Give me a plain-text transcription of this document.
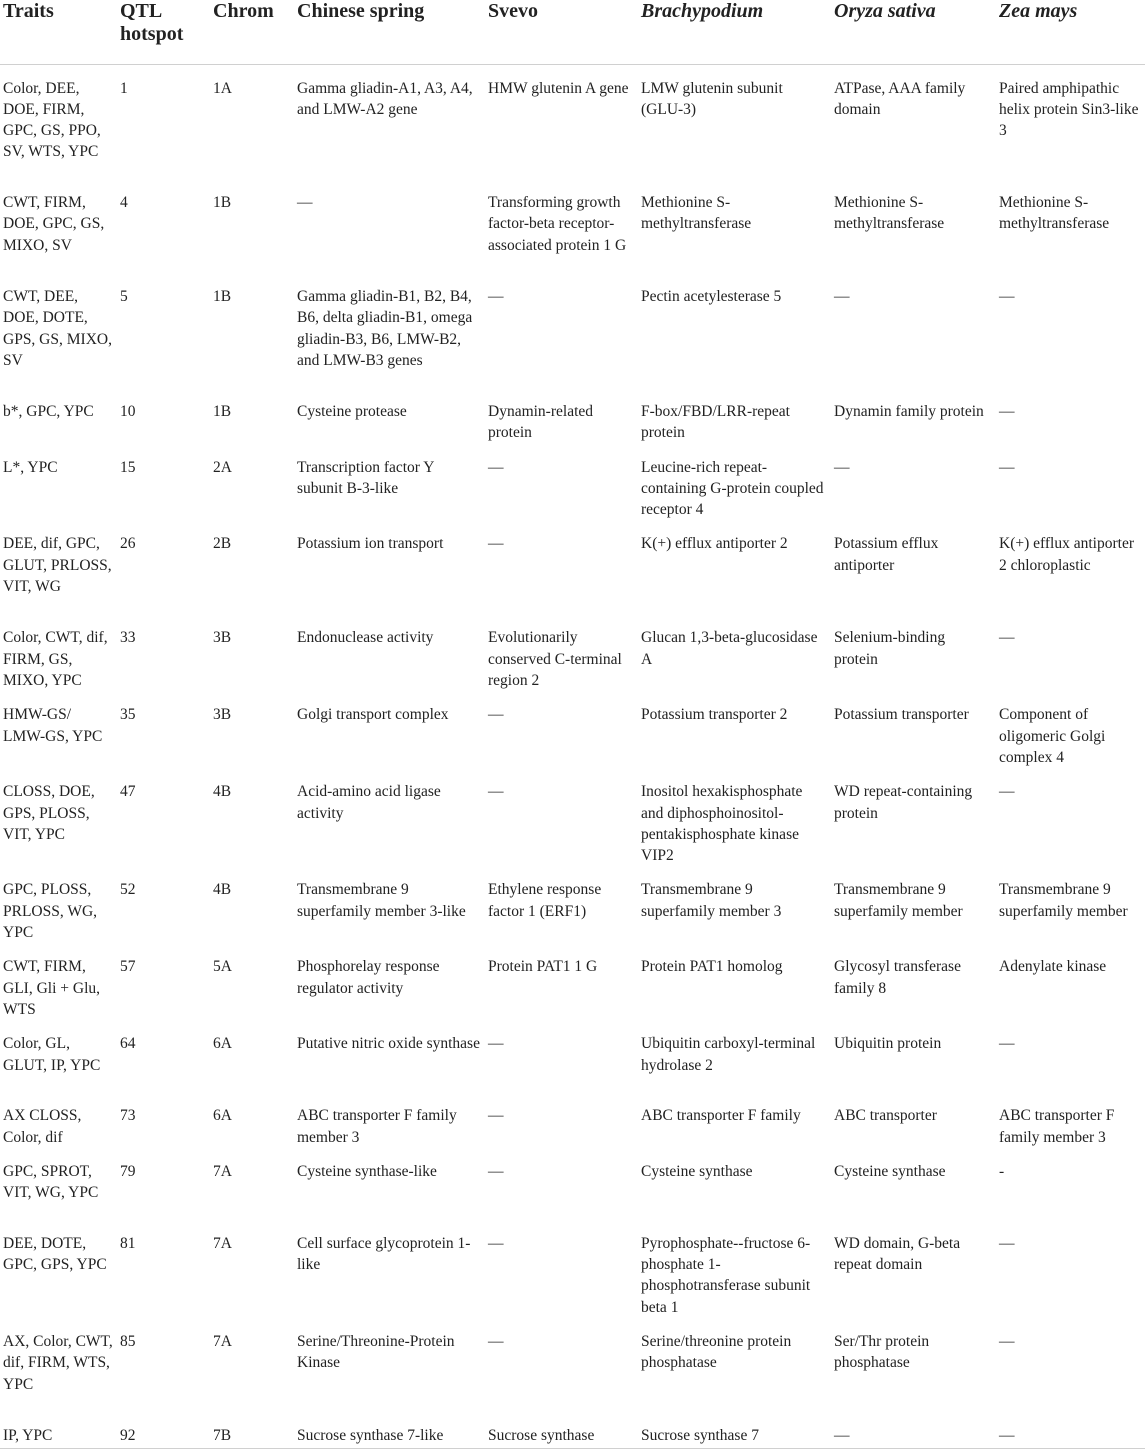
Traits	QTL hotspot	Chrom	Chinese spring	Svevo	Brachypodium	Oryza sativa	Zea mays
Color, DEE, DOE, FIRM, GPC, GS, PPO, SV, WTS, YPC	1	1A	Gamma gliadin-A1, A3, A4, and LMW-A2 gene	HMW glutenin A gene	LMW glutenin subunit (GLU-3)	ATPase, AAA family domain	Paired amphipathic helix protein Sin3-like 3
CWT, FIRM, DOE, GPC, GS, MIXO, SV	4	1B	—	Transforming growth factor-beta receptor-associated protein 1 G	Methionine S-methyltransferase	Methionine S-methyltransferase	Methionine S-methyltransferase
CWT, DEE, DOE, DOTE, GPS, GS, MIXO, SV	5	1B	Gamma gliadin-B1, B2, B4, B6, delta gliadin-B1, omega gliadin-B3, B6, LMW-B2, and LMW-B3 genes	—	Pectin acetylesterase 5	—	—
b*, GPC, YPC	10	1B	Cysteine protease	Dynamin-related protein	F-box/FBD/LRR-repeat protein	Dynamin family protein	—
L*, YPC	15	2A	Transcription factor Y subunit B-3-like	—	Leucine-rich repeat-containing G-protein coupled receptor 4	—	—
DEE, dif, GPC, GLUT, PRLOSS, VIT, WG	26	2B	Potassium ion transport	—	K(+) efflux antiporter 2	Potassium efflux antiporter	K(+) efflux antiporter 2 chloroplastic
Color, CWT, dif, FIRM, GS, MIXO, YPC	33	3B	Endonuclease activity	Evolutionarily conserved C-terminal region 2	Glucan 1,3-beta-glucosidase A	Selenium-binding protein	—
HMW-GS/ LMW-GS, YPC	35	3B	Golgi transport complex	—	Potassium transporter 2	Potassium transporter	Component of oligomeric Golgi complex 4
CLOSS, DOE, GPS, PLOSS, VIT, YPC	47	4B	Acid-amino acid ligase activity	—	Inositol hexakisphosphate and diphosphoinositol-pentakisphosphate kinase VIP2	WD repeat-containing protein	—
GPC, PLOSS, PRLOSS, WG, YPC	52	4B	Transmembrane 9 superfamily member 3-like	Ethylene response factor 1 (ERF1)	Transmembrane 9 superfamily member 3	Transmembrane 9 superfamily member	Transmembrane 9 superfamily member
CWT, FIRM, GLI, Gli + Glu, WTS	57	5A	Phosphorelay response regulator activity	Protein PAT1 1 G	Protein PAT1 homolog	Glycosyl transferase family 8	Adenylate kinase
Color, GL, GLUT, IP, YPC	64	6A	Putative nitric oxide synthase	—	Ubiquitin carboxyl-terminal hydrolase 2	Ubiquitin protein	—
AX CLOSS, Color, dif	73	6A	ABC transporter F family member 3	—	ABC transporter F family	ABC transporter	ABC transporter F family member 3
GPC, SPROT, VIT, WG, YPC	79	7A	Cysteine synthase-like	—	Cysteine synthase	Cysteine synthase	-
DEE, DOTE, GPC, GPS, YPC	81	7A	Cell surface glycoprotein 1-like	—	Pyrophosphate--fructose 6-phosphate 1-phosphotransferase subunit beta 1	WD domain, G-beta repeat domain	—
AX, Color, CWT, dif, FIRM, WTS, YPC	85	7A	Serine/Threonine-Protein Kinase	—	Serine/threonine protein phosphatase	Ser/Thr protein phosphatase	—
IP, YPC	92	7B	Sucrose synthase 7-like	Sucrose synthase	Sucrose synthase 7	—	—
